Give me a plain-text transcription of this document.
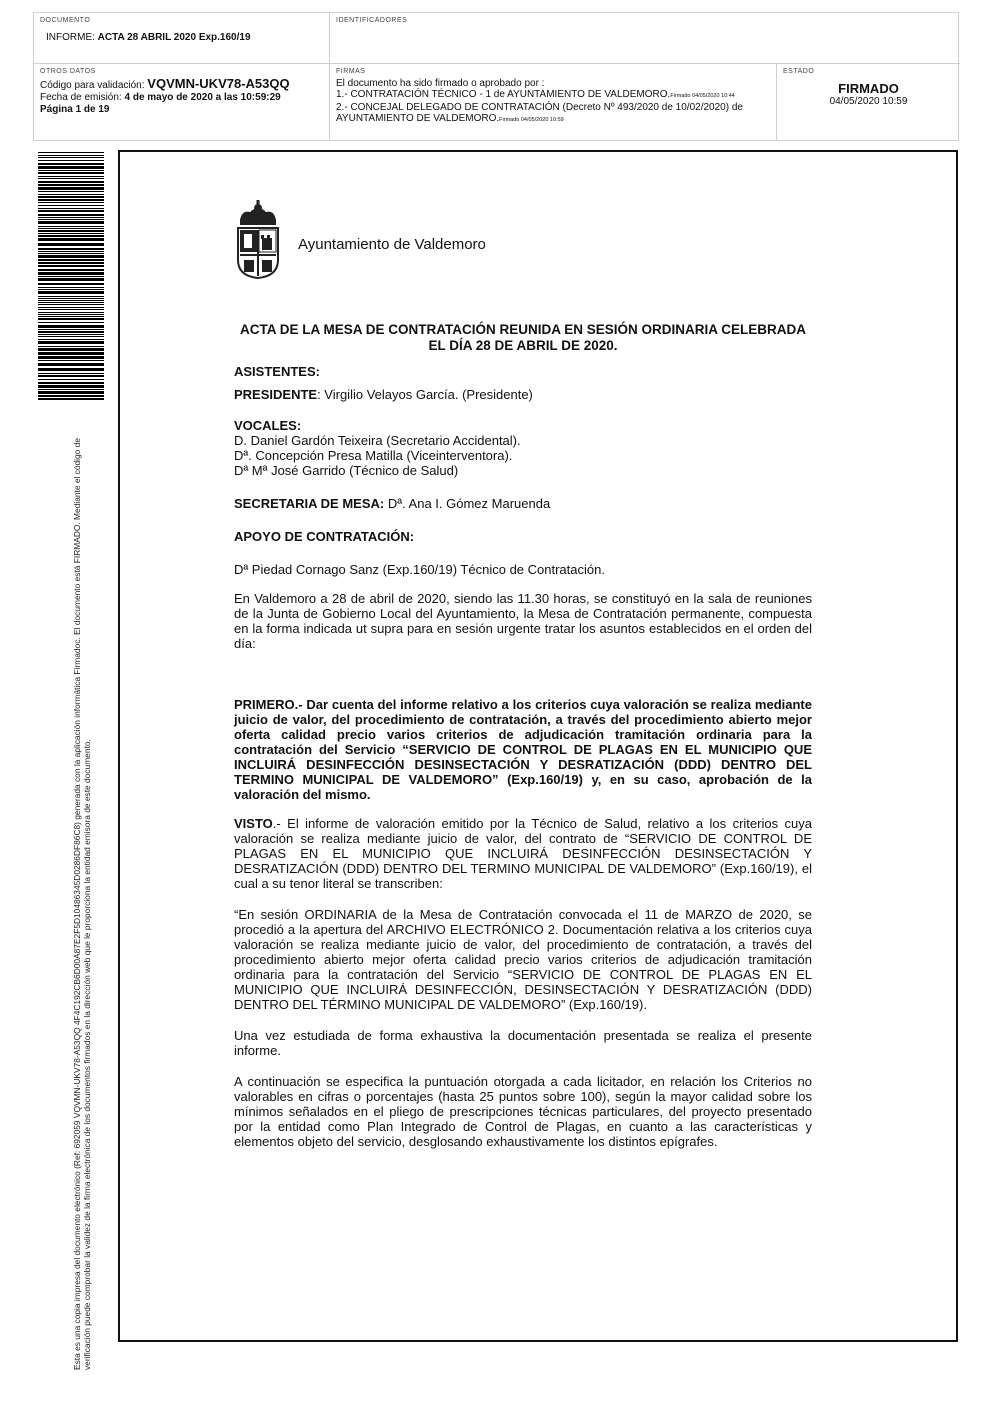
DOCUMENTO
INFORME: ACTA 28 ABRIL 2020 Exp.160/19
IDENTIFICADORES
OTROS DATOS
Código para validación: VQVMN-UKV78-A53QQ
Fecha de emisión: 4 de mayo de 2020 a las 10:59:29
Página 1 de 19
FIRMAS
El documento ha sido firmado o aprobado por :
1.- CONTRATACIÓN TÉCNICO - 1 de AYUNTAMIENTO DE VALDEMORO.Firmado 04/05/2020 10:44
2.- CONCEJAL DELEGADO DE CONTRATACIÓN (Decreto Nº 493/2020 de 10/02/2020) de AYUNTAMIENTO DE VALDEMORO.Firmado 04/05/2020 10:59
ESTADO
FIRMADO
04/05/2020 10:59
Esta es una copia impresa del documento electrónico (Ref: 692059 VQVMN-UKV78-A53QQ 4F4C192CB6D00A87E2F5D10486345D0286DF86C8) generada con la aplicación informática Firmadoc. El documento está FIRMADO. Mediante el código de verificación puede comprobar la validez de la firma electrónica de los documentos firmados en la dirección web que le proporciona la entidad emisora de este documento.
Ayuntamiento de Valdemoro

ACTA DE LA MESA DE CONTRATACIÓN REUNIDA EN SESIÓN ORDINARIA CELEBRADA EL DÍA 28 DE ABRIL DE 2020.

ASISTENTES:

PRESIDENTE: Virgilio Velayos García. (Presidente)

VOCALES:

D. Daniel Gardón Teixeira (Secretario Accidental).

Dª. Concepción Presa Matilla (Viceinterventora).

Dª Mª José Garrido (Técnico de Salud)

SECRETARIA DE MESA: Dª. Ana I. Gómez Maruenda

APOYO DE CONTRATACIÓN:

Dª Piedad Cornago Sanz (Exp.160/19) Técnico de Contratación.

En Valdemoro a 28 de abril de 2020, siendo las 11.30 horas, se constituyó en la sala de reuniones de la Junta de Gobierno Local del Ayuntamiento, la Mesa de Contratación permanente, compuesta en la forma indicada ut supra para en sesión urgente tratar los asuntos establecidos en el orden del día:

PRIMERO.- Dar cuenta del informe relativo a los criterios cuya valoración se realiza mediante juicio de valor, del procedimiento de contratación, a través del procedimiento abierto mejor oferta calidad precio varios criterios de adjudicación tramitación ordinaria para la contratación del Servicio “SERVICIO DE CONTROL DE PLAGAS EN EL MUNICIPIO QUE INCLUIRÁ DESINFECCIÓN DESINSECTACIÓN Y DESRATIZACIÓN (DDD) DENTRO DEL TERMINO MUNICIPAL DE VALDEMORO” (Exp.160/19) y, en su caso, aprobación de la valoración del mismo.

VISTO.- El informe de valoración emitido por la Técnico de Salud, relativo a los criterios cuya valoración se realiza mediante juicio de valor, del contrato de “SERVICIO DE CONTROL DE PLAGAS EN EL MUNICIPIO QUE INCLUIRÁ DESINFECCIÓN DESINSECTACIÓN Y DESRATIZACIÓN (DDD) DENTRO DEL TERMINO MUNICIPAL DE VALDEMORO” (Exp.160/19), el cual a su tenor literal se transcriben:

“En sesión ORDINARIA de la Mesa de Contratación convocada el 11 de MARZO de 2020, se procedió a la apertura del ARCHIVO ELECTRÓNICO 2. Documentación relativa a los criterios cuya valoración se realiza mediante juicio de valor, del procedimiento de contratación, a través del procedimiento abierto mejor oferta calidad precio varios criterios de adjudicación tramitación ordinaria para la contratación del Servicio “SERVICIO DE CONTROL DE PLAGAS EN EL MUNICIPIO QUE INCLUIRÁ DESINFECCIÓN, DESINSECTACIÓN Y DESRATIZACIÓN (DDD) DENTRO DEL TÉRMINO MUNICIPAL DE VALDEMORO” (Exp.160/19).

Una vez estudiada de forma exhaustiva la documentación presentada se realiza el presente informe.

A continuación se especifica la puntuación otorgada a cada licitador, en relación los Criterios no valorables en cifras o porcentajes (hasta 25 puntos sobre 100), según la mayor calidad sobre los mínimos señalados en el pliego de prescripciones técnicas particulares, del proyecto presentado por la entidad como Plan Integrado de Control de Plagas, en cuanto a las características y elementos objeto del servicio, desglosando exhaustivamente los distintos epígrafes.
